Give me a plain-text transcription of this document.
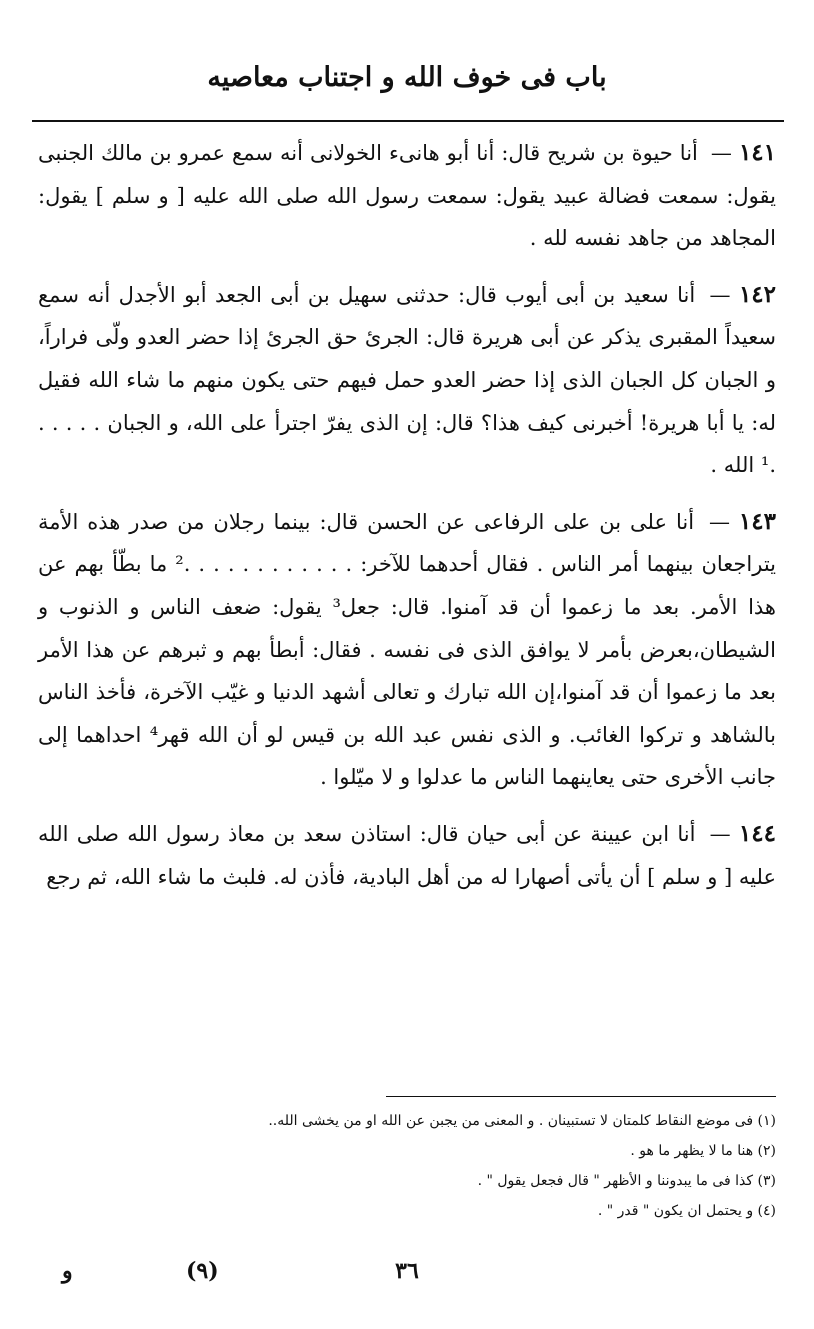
باب فى خوف الله و اجتناب معاصيه

١٤١ — أنا حيوة بن شريح قال: أنا أبو هانىء الخولانى أنه سمع عمرو بن مالك الجنبى يقول: سمعت فضالة عبيد يقول: سمعت رسول الله صلى الله عليه [ و سلم ] يقول: المجاهد من جاهد نفسه لله .

١٤٢ — أنا سعيد بن أبى أيوب قال: حدثنى سهيل بن أبى الجعد أبو الأجدل أنه سمع سعيداً المقبرى يذكر عن أبى هريرة قال: الجرئ حق الجرئ إذا حضر العدو ولّى فراراً، و الجبان كل الجبان الذى إذا حضر العدو حمل فيهم حتى يكون منهم ما شاء الله فقيل له: يا أبا هريرة! أخبرنى كيف هذا؟ قال: إن الذى يفرّ اجترأ على الله، و الجبان . . . . . .¹ الله .

١٤٣ — أنا على بن على الرفاعى عن الحسن قال: بينما رجلان من صدر هذه الأمة يتراجعان بينهما أمر الناس . فقال أحدهما للآخر: . . . . . . . . . . . .² ما بطّأ بهم عن هذا الأمر. بعد ما زعموا أن قد آمنوا. قال: جعل³ يقول: ضعف الناس و الذنوب و الشيطان،بعرض بأمر لا يوافق الذى فى نفسه . فقال: أبطأ بهم و ثبرهم عن هذا الأمر بعد ما زعموا أن قد آمنوا،إن الله تبارك و تعالى أشهد الدنيا و غيّب الآخرة، فأخذ الناس بالشاهد و تركوا الغائب. و الذى نفس عبد الله بن قيس لو أن الله قهر⁴ احداهما إلى جانب الأخرى حتى يعاينهما الناس ما عدلوا و لا ميّلوا .

١٤٤ — أنا ابن عيينة عن أبى حيان قال: استاذن سعد بن معاذ رسول الله صلى الله عليه [ و سلم ] أن يأتى أصهارا له من أهل البادية، فأذن له. فلبث ما شاء الله، ثم رجع

(١) فى موضع النقاط كلمتان لا تستبينان . و المعنى من يجبن عن الله او من يخشى الله..
(٢) هنا ما لا يظهر ما هو .
(٣) كذا فى ما يبدوننا و الأظهر " قال فجعل يقول " .
(٤) و يحتمل ان يكون " قدر " .
٣٦
(٩)
و
